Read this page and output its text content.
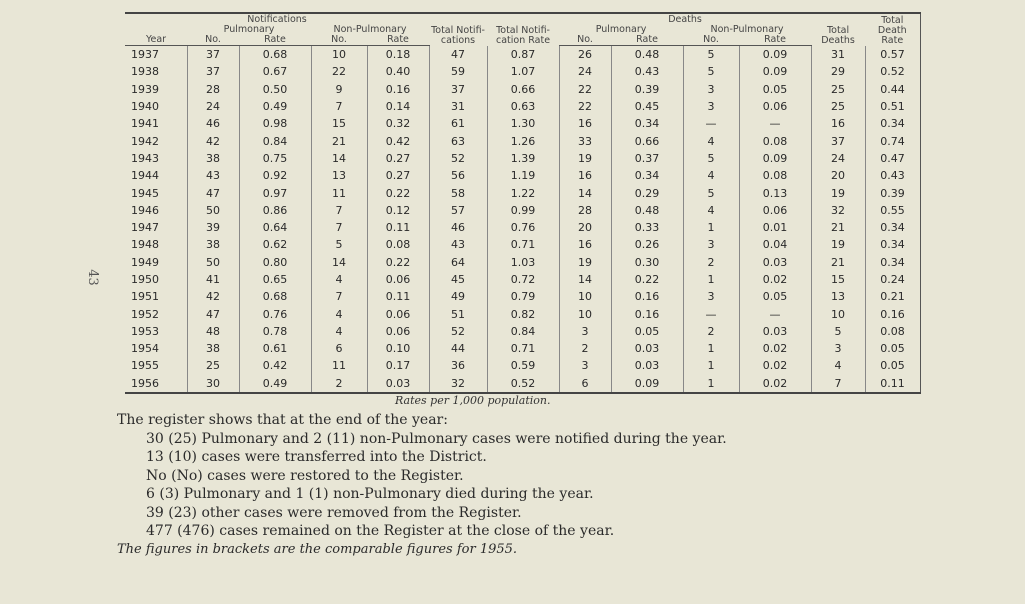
43
Notifications					Total Notifi- cations	Total Notifi- cation Rate	Deaths				Total Deaths	Total Death Rate
	Pulmonary		Non-Pulmonary				Pulmonary		Non-Pulmonary			
Year	No.	Rate	No.	Rate			No.	Rate	No.	Rate		
1937	37	0.68	10	0.18	47	0.87	26	0.48	5	0.09	31	0.57
1938	37	0.67	22	0.40	59	1.07	24	0.43	5	0.09	29	0.52
1939	28	0.50	9	0.16	37	0.66	22	0.39	3	0.05	25	0.44
1940	24	0.49	7	0.14	31	0.63	22	0.45	3	0.06	25	0.51
1941	46	0.98	15	0.32	61	1.30	16	0.34	—	—	16	0.34
1942	42	0.84	21	0.42	63	1.26	33	0.66	4	0.08	37	0.74
1943	38	0.75	14	0.27	52	1.39	19	0.37	5	0.09	24	0.47
1944	43	0.92	13	0.27	56	1.19	16	0.34	4	0.08	20	0.43
1945	47	0.97	11	0.22	58	1.22	14	0.29	5	0.13	19	0.39
1946	50	0.86	7	0.12	57	0.99	28	0.48	4	0.06	32	0.55
1947	39	0.64	7	0.11	46	0.76	20	0.33	1	0.01	21	0.34
1948	38	0.62	5	0.08	43	0.71	16	0.26	3	0.04	19	0.34
1949	50	0.80	14	0.22	64	1.03	19	0.30	2	0.03	21	0.34
1950	41	0.65	4	0.06	45	0.72	14	0.22	1	0.02	15	0.24
1951	42	0.68	7	0.11	49	0.79	10	0.16	3	0.05	13	0.21
1952	47	0.76	4	0.06	51	0.82	10	0.16	—	—	10	0.16
1953	48	0.78	4	0.06	52	0.84	3	0.05	2	0.03	5	0.08
1954	38	0.61	6	0.10	44	0.71	2	0.03	1	0.02	3	0.05
1955	25	0.42	11	0.17	36	0.59	3	0.03	1	0.02	4	0.05
1956	30	0.49	2	0.03	32	0.52	6	0.09	1	0.02	7	0.11
Rates per 1,000 population.

The register shows that at the end of the year:

30 (25) Pulmonary and 2 (11) non-Pulmonary cases were notified during the year.

13 (10) cases were transferred into the District.

No (No) cases were restored to the Register.

6 (3) Pulmonary and 1 (1) non-Pulmonary died during the year.

39 (23) other cases were removed from the Register.

477 (476) cases remained on the Register at the close of the year.

The figures in brackets are the comparable figures for 1955.
